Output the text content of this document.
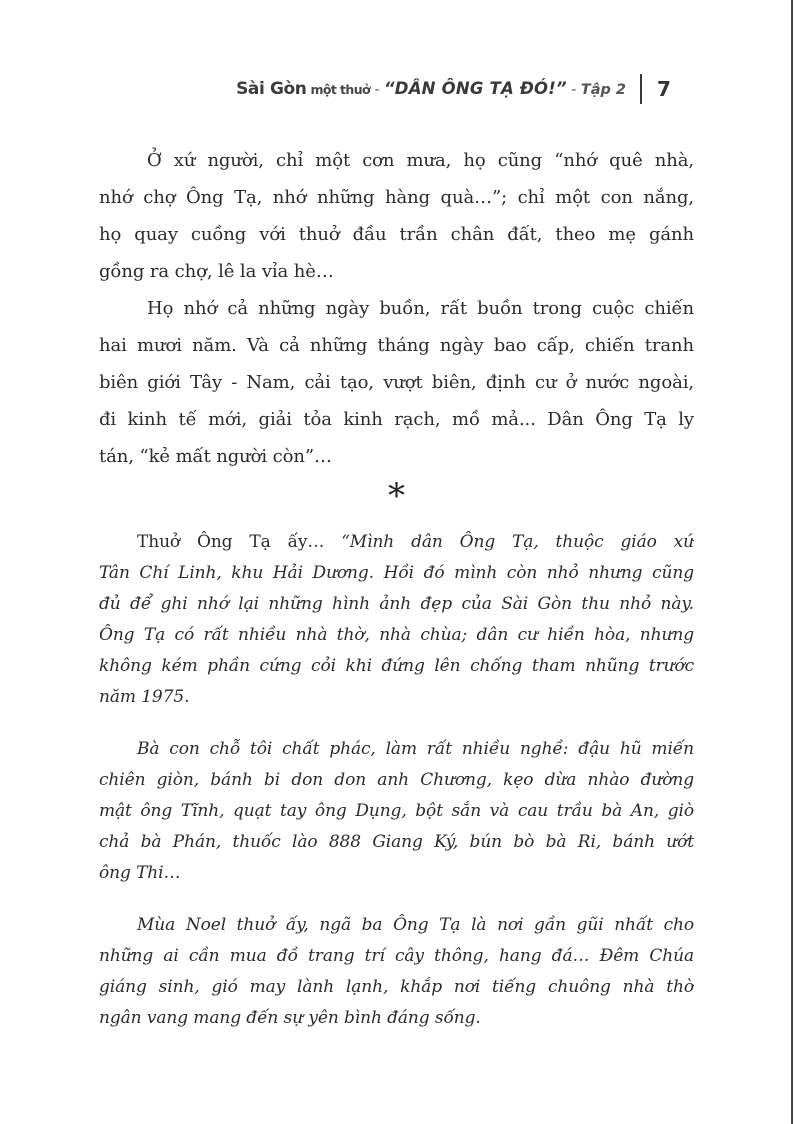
Sài Gòn một thuở - “DÂN ÔNG TẠ ĐÓ!” - Tập 2 7
Ở xứ người, chỉ một cơn mưa, họ cũng “nhớ quê nhà,
nhớ chợ Ông Tạ, nhớ những hàng quà…”; chỉ một con nắng,
họ quay cuồng với thuở đầu trần chân đất, theo mẹ gánh
gồng ra chợ, lê la vỉa hè…
Họ nhớ cả những ngày buồn, rất buồn trong cuộc chiến
hai mươi năm. Và cả những tháng ngày bao cấp, chiến tranh
biên giới Tây - Nam, cải tạo, vượt biên, định cư ở nước ngoài,
đi kinh tế mới, giải tỏa kinh rạch, mồ mả... Dân Ông Tạ ly
tán, “kẻ mất người còn”…
*
Thuở Ông Tạ ấy… “Mình dân Ông Tạ, thuộc giáo xứ
Tân Chí Linh, khu Hải Dương. Hồi đó mình còn nhỏ nhưng cũng
đủ để ghi nhớ lại những hình ảnh đẹp của Sài Gòn thu nhỏ này.
Ông Tạ có rất nhiều nhà thờ, nhà chùa; dân cư hiền hòa, nhưng
không kém phần cứng cỏi khi đứng lên chống tham nhũng trước
năm 1975.
Bà con chỗ tôi chất phác, làm rất nhiều nghề: đậu hũ miến
chiên giòn, bánh bi don don anh Chương, kẹo dừa nhào đường
mật ông Tĩnh, quạt tay ông Dụng, bột sắn và cau trầu bà An, giò
chả bà Phán, thuốc lào 888 Giang Ký, bún bò bà Ri, bánh ướt
ông Thi…
Mùa Noel thuở ấy, ngã ba Ông Tạ là nơi gần gũi nhất cho
những ai cần mua đồ trang trí cây thông, hang đá… Đêm Chúa
giáng sinh, gió may lành lạnh, khắp nơi tiếng chuông nhà thờ
ngân vang mang đến sự yên bình đáng sống.
